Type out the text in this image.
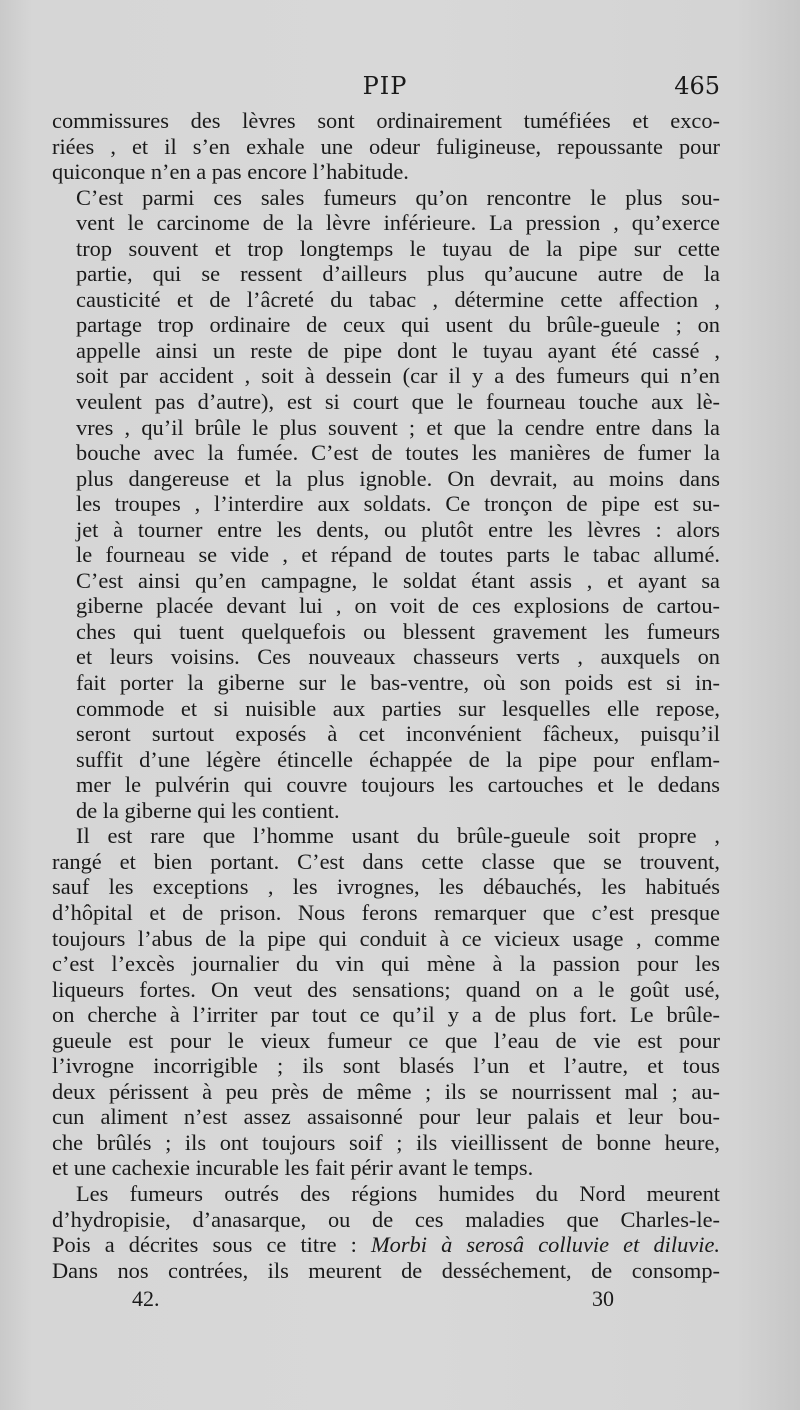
PIP	465

commissures des lèvres sont ordinairement tuméfiées et exco-
riées , et il s’en exhale une odeur fuligineuse, repoussante pour
quiconque n’en a pas encore l’habitude.

C’est parmi ces sales fumeurs qu’on rencontre le plus sou-
vent le carcinome de la lèvre inférieure. La pression , qu’exerce
trop souvent et trop longtemps le tuyau de la pipe sur cette
partie, qui se ressent d’ailleurs plus qu’aucune autre de la
causticité et de l’âcreté du tabac , détermine cette affection ,
partage trop ordinaire de ceux qui usent du brûle-gueule ; on
appelle ainsi un reste de pipe dont le tuyau ayant été cassé ,
soit par accident , soit à dessein (car il y a des fumeurs qui n’en
veulent pas d’autre), est si court que le fourneau touche aux lè-
vres , qu’il brûle le plus souvent ; et que la cendre entre dans la
bouche avec la fumée. C’est de toutes les manières de fumer la
plus dangereuse et la plus ignoble. On devrait, au moins dans
les troupes , l’interdire aux soldats. Ce tronçon de pipe est su-
jet à tourner entre les dents, ou plutôt entre les lèvres : alors
le fourneau se vide , et répand de toutes parts le tabac allumé.
C’est ainsi qu’en campagne, le soldat étant assis , et ayant sa
giberne placée devant lui , on voit de ces explosions de cartou-
ches qui tuent quelquefois ou blessent gravement les fumeurs
et leurs voisins. Ces nouveaux chasseurs verts , auxquels on
fait porter la giberne sur le bas-ventre, où son poids est si in-
commode et si nuisible aux parties sur lesquelles elle repose,
seront surtout exposés à cet inconvénient fâcheux, puisqu’il
suffit d’une légère étincelle échappée de la pipe pour enflam-
mer le pulvérin qui couvre toujours les cartouches et le dedans
de la giberne qui les contient.

Il est rare que l’homme usant du brûle-gueule soit propre ,
rangé et bien portant. C’est dans cette classe que se trouvent,
sauf les exceptions , les ivrognes, les débauchés, les habitués
d’hôpital et de prison. Nous ferons remarquer que c’est presque
toujours l’abus de la pipe qui conduit à ce vicieux usage , comme
c’est l’excès journalier du vin qui mène à la passion pour les
liqueurs fortes. On veut des sensations; quand on a le goût usé,
on cherche à l’irriter par tout ce qu’il y a de plus fort. Le brûle-
gueule est pour le vieux fumeur ce que l’eau de vie est pour
l’ivrogne incorrigible ; ils sont blasés l’un et l’autre, et tous
deux périssent à peu près de même ; ils se nourrissent mal ; au-
cun aliment n’est assez assaisonné pour leur palais et leur bou-
che brûlés ; ils ont toujours soif ; ils vieillissent de bonne heure,
et une cachexie incurable les fait périr avant le temps.

Les fumeurs outrés des régions humides du Nord meurent
d’hydropisie, d’anasarque, ou de ces maladies que Charles-le-
Pois a décrites sous ce titre : Morbi à serosâ colluvie et diluvie.
Dans nos contrées, ils meurent de desséchement, de consomp-

42.	30
